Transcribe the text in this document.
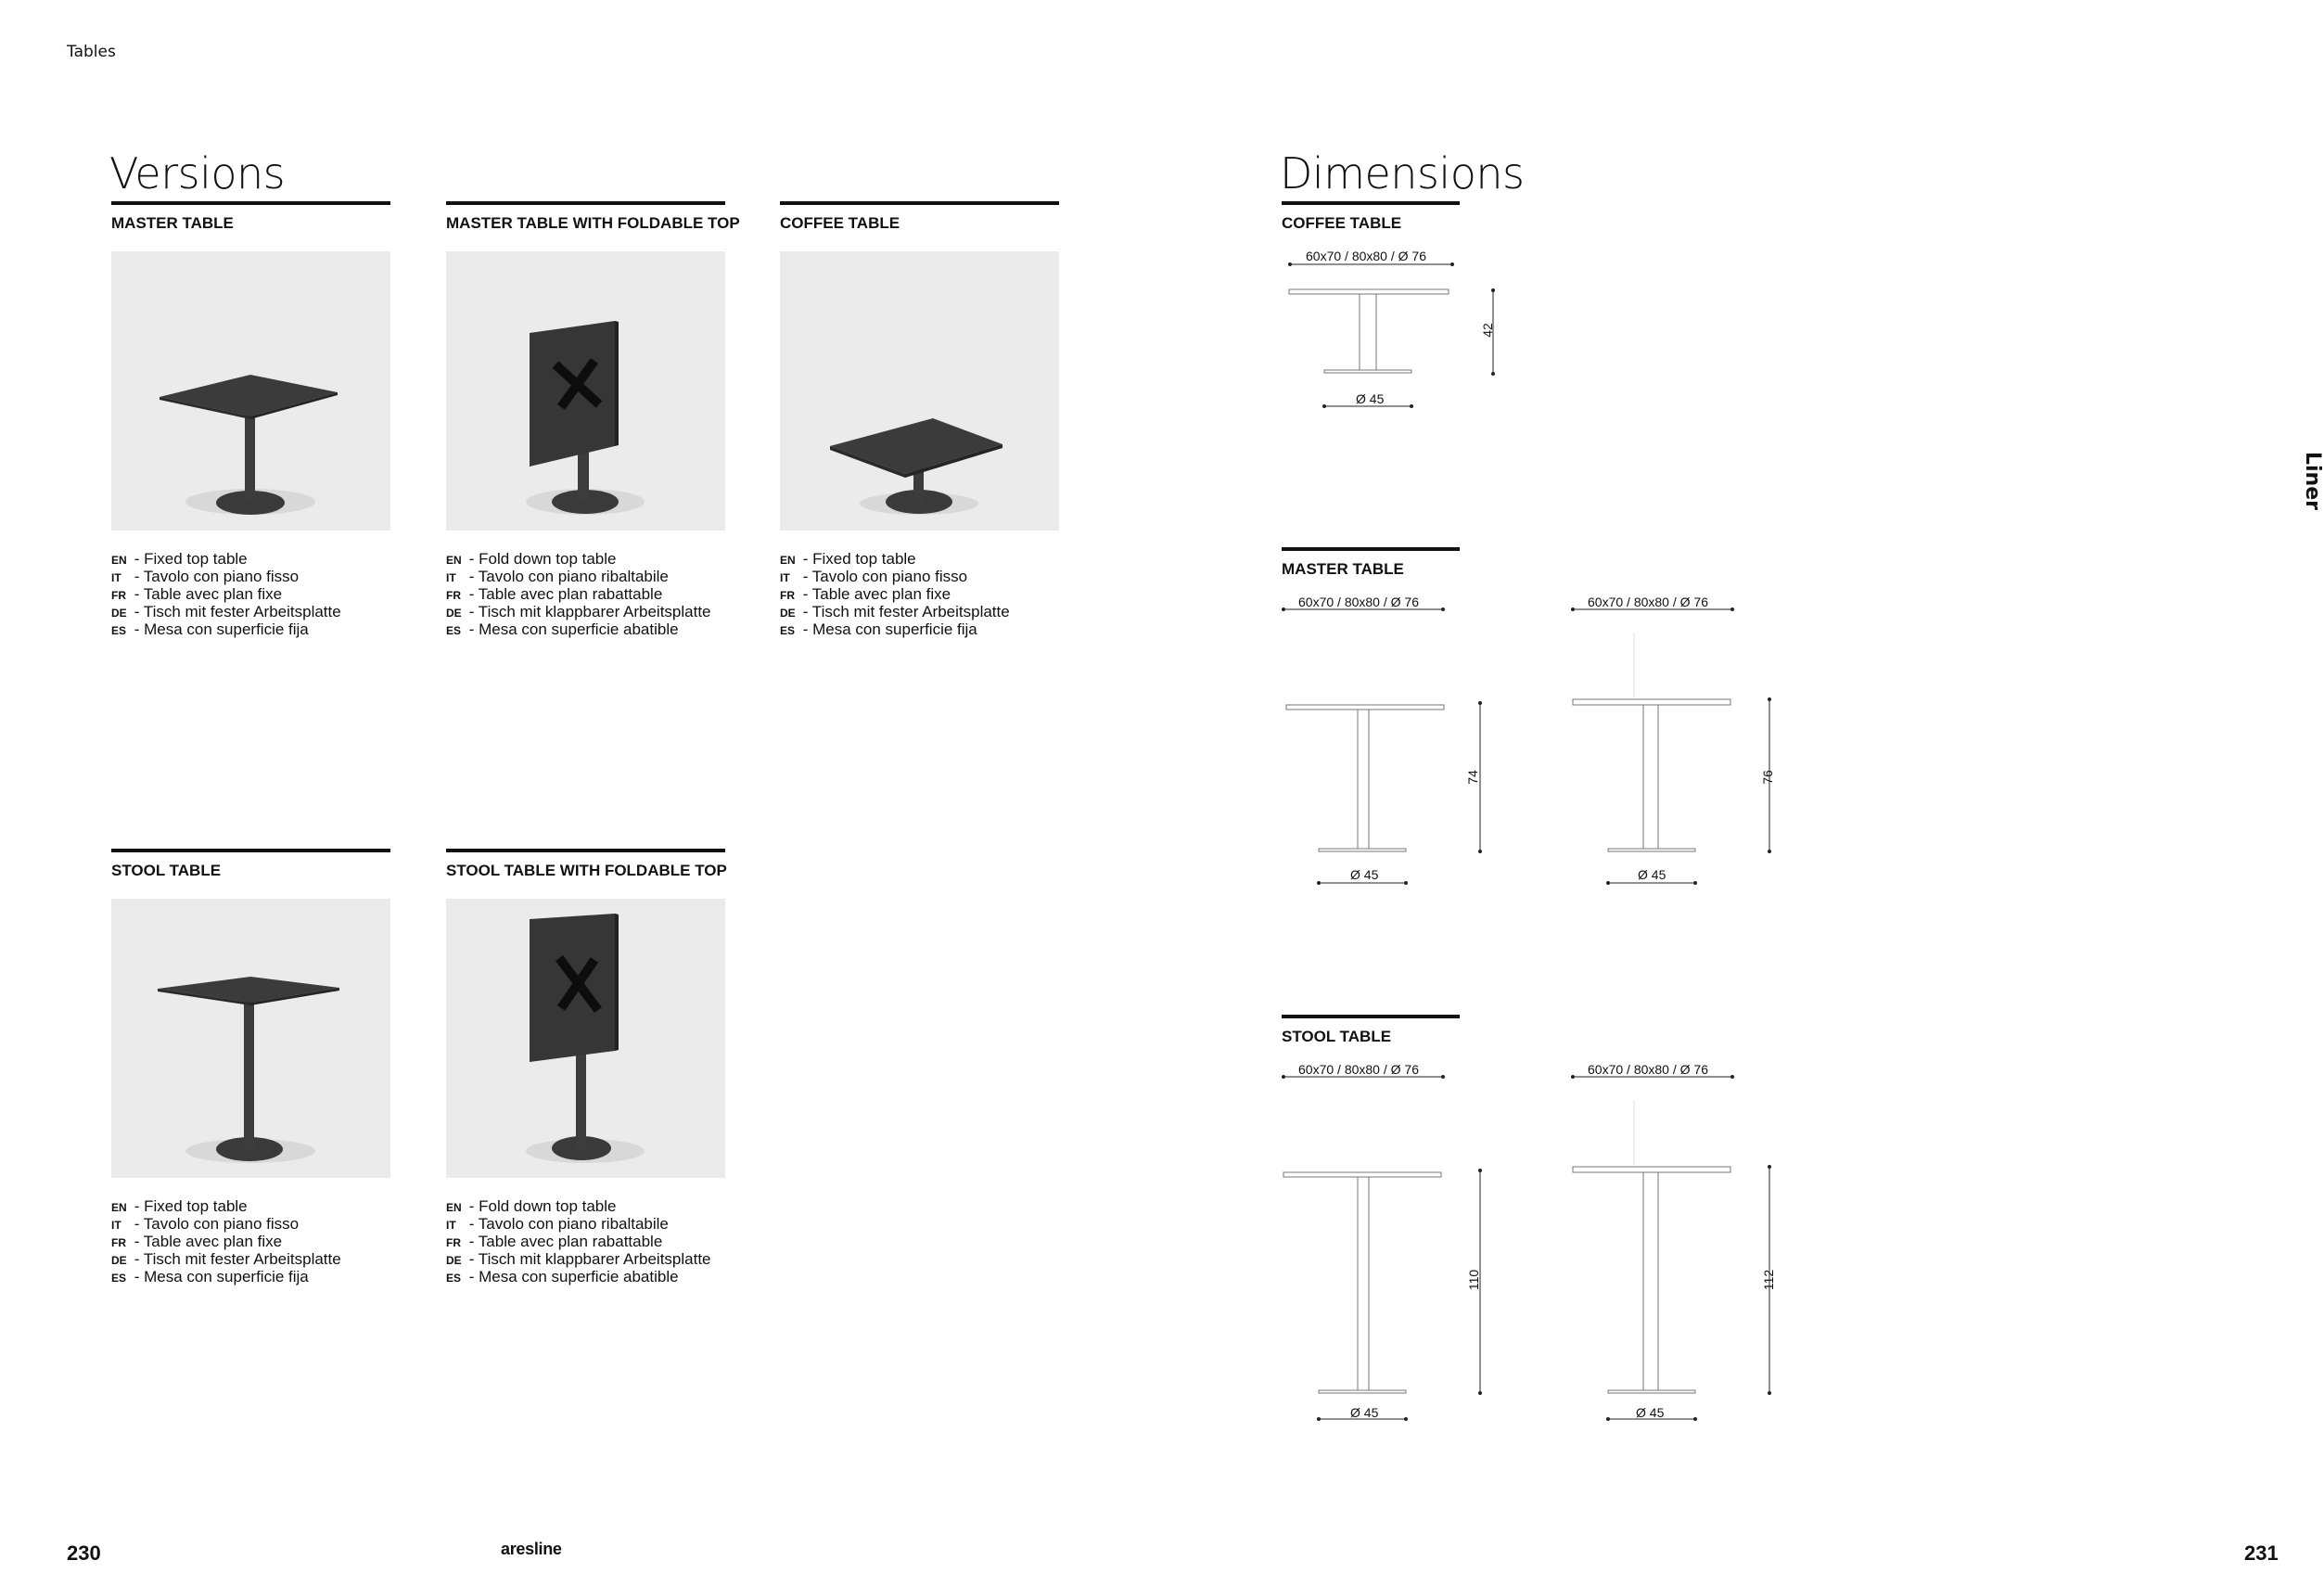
Tables
Versions
MASTER TABLE
EN - Fixed top table
IT - Tavolo con piano fisso
FR - Table avec plan fixe
DE - Tisch mit fester Arbeitsplatte
ES - Mesa con superficie fija
MASTER TABLE WITH FOLDABLE TOP
EN - Fold down top table
IT - Tavolo con piano ribaltabile
FR - Table avec plan rabattable
DE - Tisch mit klappbarer Arbeitsplatte
ES - Mesa con superficie abatible
COFFEE TABLE
EN - Fixed top table
IT - Tavolo con piano fisso
FR - Table avec plan fixe
DE - Tisch mit fester Arbeitsplatte
ES - Mesa con superficie fija
STOOL TABLE
EN - Fixed top table
IT - Tavolo con piano fisso
FR - Table avec plan fixe
DE - Tisch mit fester Arbeitsplatte
ES - Mesa con superficie fija
STOOL TABLE WITH FOLDABLE TOP
EN - Fold down top table
IT - Tavolo con piano ribaltabile
FR - Table avec plan rabattable
DE - Tisch mit klappbarer Arbeitsplatte
ES - Mesa con superficie abatible
Dimensions
COFFEE TABLE
60x70 / 80x80 / Ø 76
42
Ø 45
MASTER TABLE
60x70 / 80x80 / Ø 76
74
Ø 45
60x70 / 80x80 / Ø 76
76
Ø 45
STOOL TABLE
60x70 / 80x80 / Ø 76
110
Ø 45
60x70 / 80x80 / Ø 76
112
Ø 45
Liner
230	aresline	231
